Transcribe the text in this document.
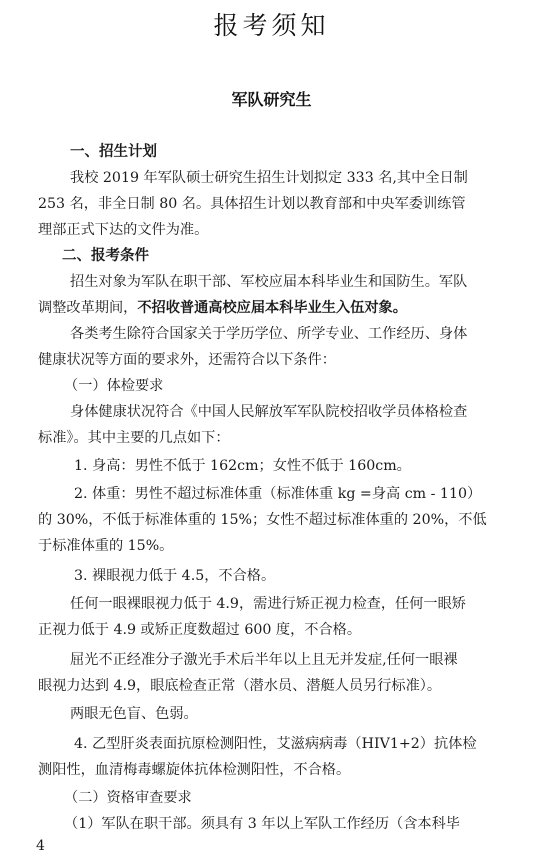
报考须知
军队研究生
一、招生计划
我校 2019 年军队硕士研究生招生计划拟定 333 名,其中全日制
253 名，非全日制 80 名。具体招生计划以教育部和中央军委训练管
理部正式下达的文件为准。
二、报考条件
招生对象为军队在职干部、军校应届本科毕业生和国防生。军队
调整改革期间，不招收普通高校应届本科毕业生入伍对象。
各类考生除符合国家关于学历学位、所学专业、工作经历、身体
健康状况等方面的要求外，还需符合以下条件：
（一）体检要求
身体健康状况符合《中国人民解放军军队院校招收学员体格检查
标准》。其中主要的几点如下：
1. 身高：男性不低于 162cm；女性不低于 160cm。
2. 体重：男性不超过标准体重（标准体重 kg =身高 cm - 110）
的 30%，不低于标准体重的 15%；女性不超过标准体重的 20%，不低
于标准体重的 15%。
3. 裸眼视力低于 4.5，不合格。
任何一眼裸眼视力低于 4.9，需进行矫正视力检查，任何一眼矫
正视力低于 4.9 或矫正度数超过 600 度，不合格。
屈光不正经准分子激光手术后半年以上且无并发症,任何一眼裸
眼视力达到 4.9，眼底检查正常（潜水员、潜艇人员另行标准）。
两眼无色盲、色弱。
4. 乙型肝炎表面抗原检测阳性，艾滋病病毒（HIV1+2）抗体检
测阳性，血清梅毒螺旋体抗体检测阳性，不合格。
（二）资格审查要求
（1）军队在职干部。须具有 3 年以上军队工作经历（含本科毕
4
